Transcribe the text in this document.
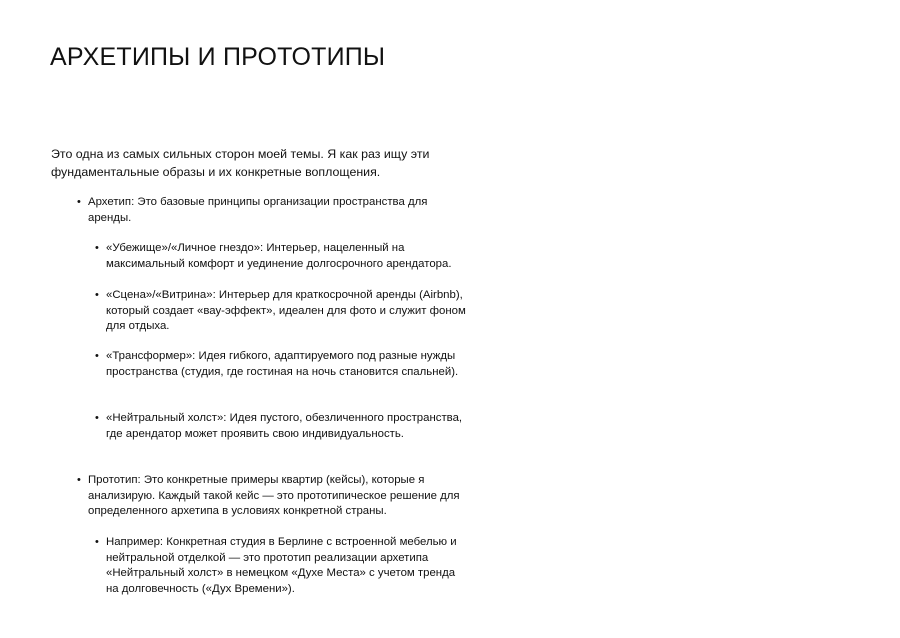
АРХЕТИПЫ И ПРОТОТИПЫ

Это одна из самых сильных сторон моей темы. Я как раз ищу эти фундаментальные образы и их конкретные воплощения.

• Архетип: Это базовые принципы организации пространства для аренды.
• «Убежище»/«Личное гнездо»: Интерьер, нацеленный на максимальный комфорт и уединение долгосрочного арендатора.
• «Сцена»/«Витрина»: Интерьер для краткосрочной аренды (Airbnb), который создает «вау-эффект», идеален для фото и служит фоном для отдыха.
• «Трансформер»: Идея гибкого, адаптируемого под разные нужды пространства (студия, где гостиная на ночь становится спальней).
• «Нейтральный холст»: Идея пустого, обезличенного пространства, где арендатор может проявить свою индивидуальность.
• Прототип: Это конкретные примеры квартир (кейсы), которые я анализирую. Каждый такой кейс — это прототипическое решение для определенного архетипа в условиях конкретной страны.
• Например: Конкретная студия в Берлине с встроенной мебелью и нейтральной отделкой — это прототип реализации архетипа «Нейтральный холст» в немецком «Духе Места» с учетом тренда на долговечность («Дух Времени»).
